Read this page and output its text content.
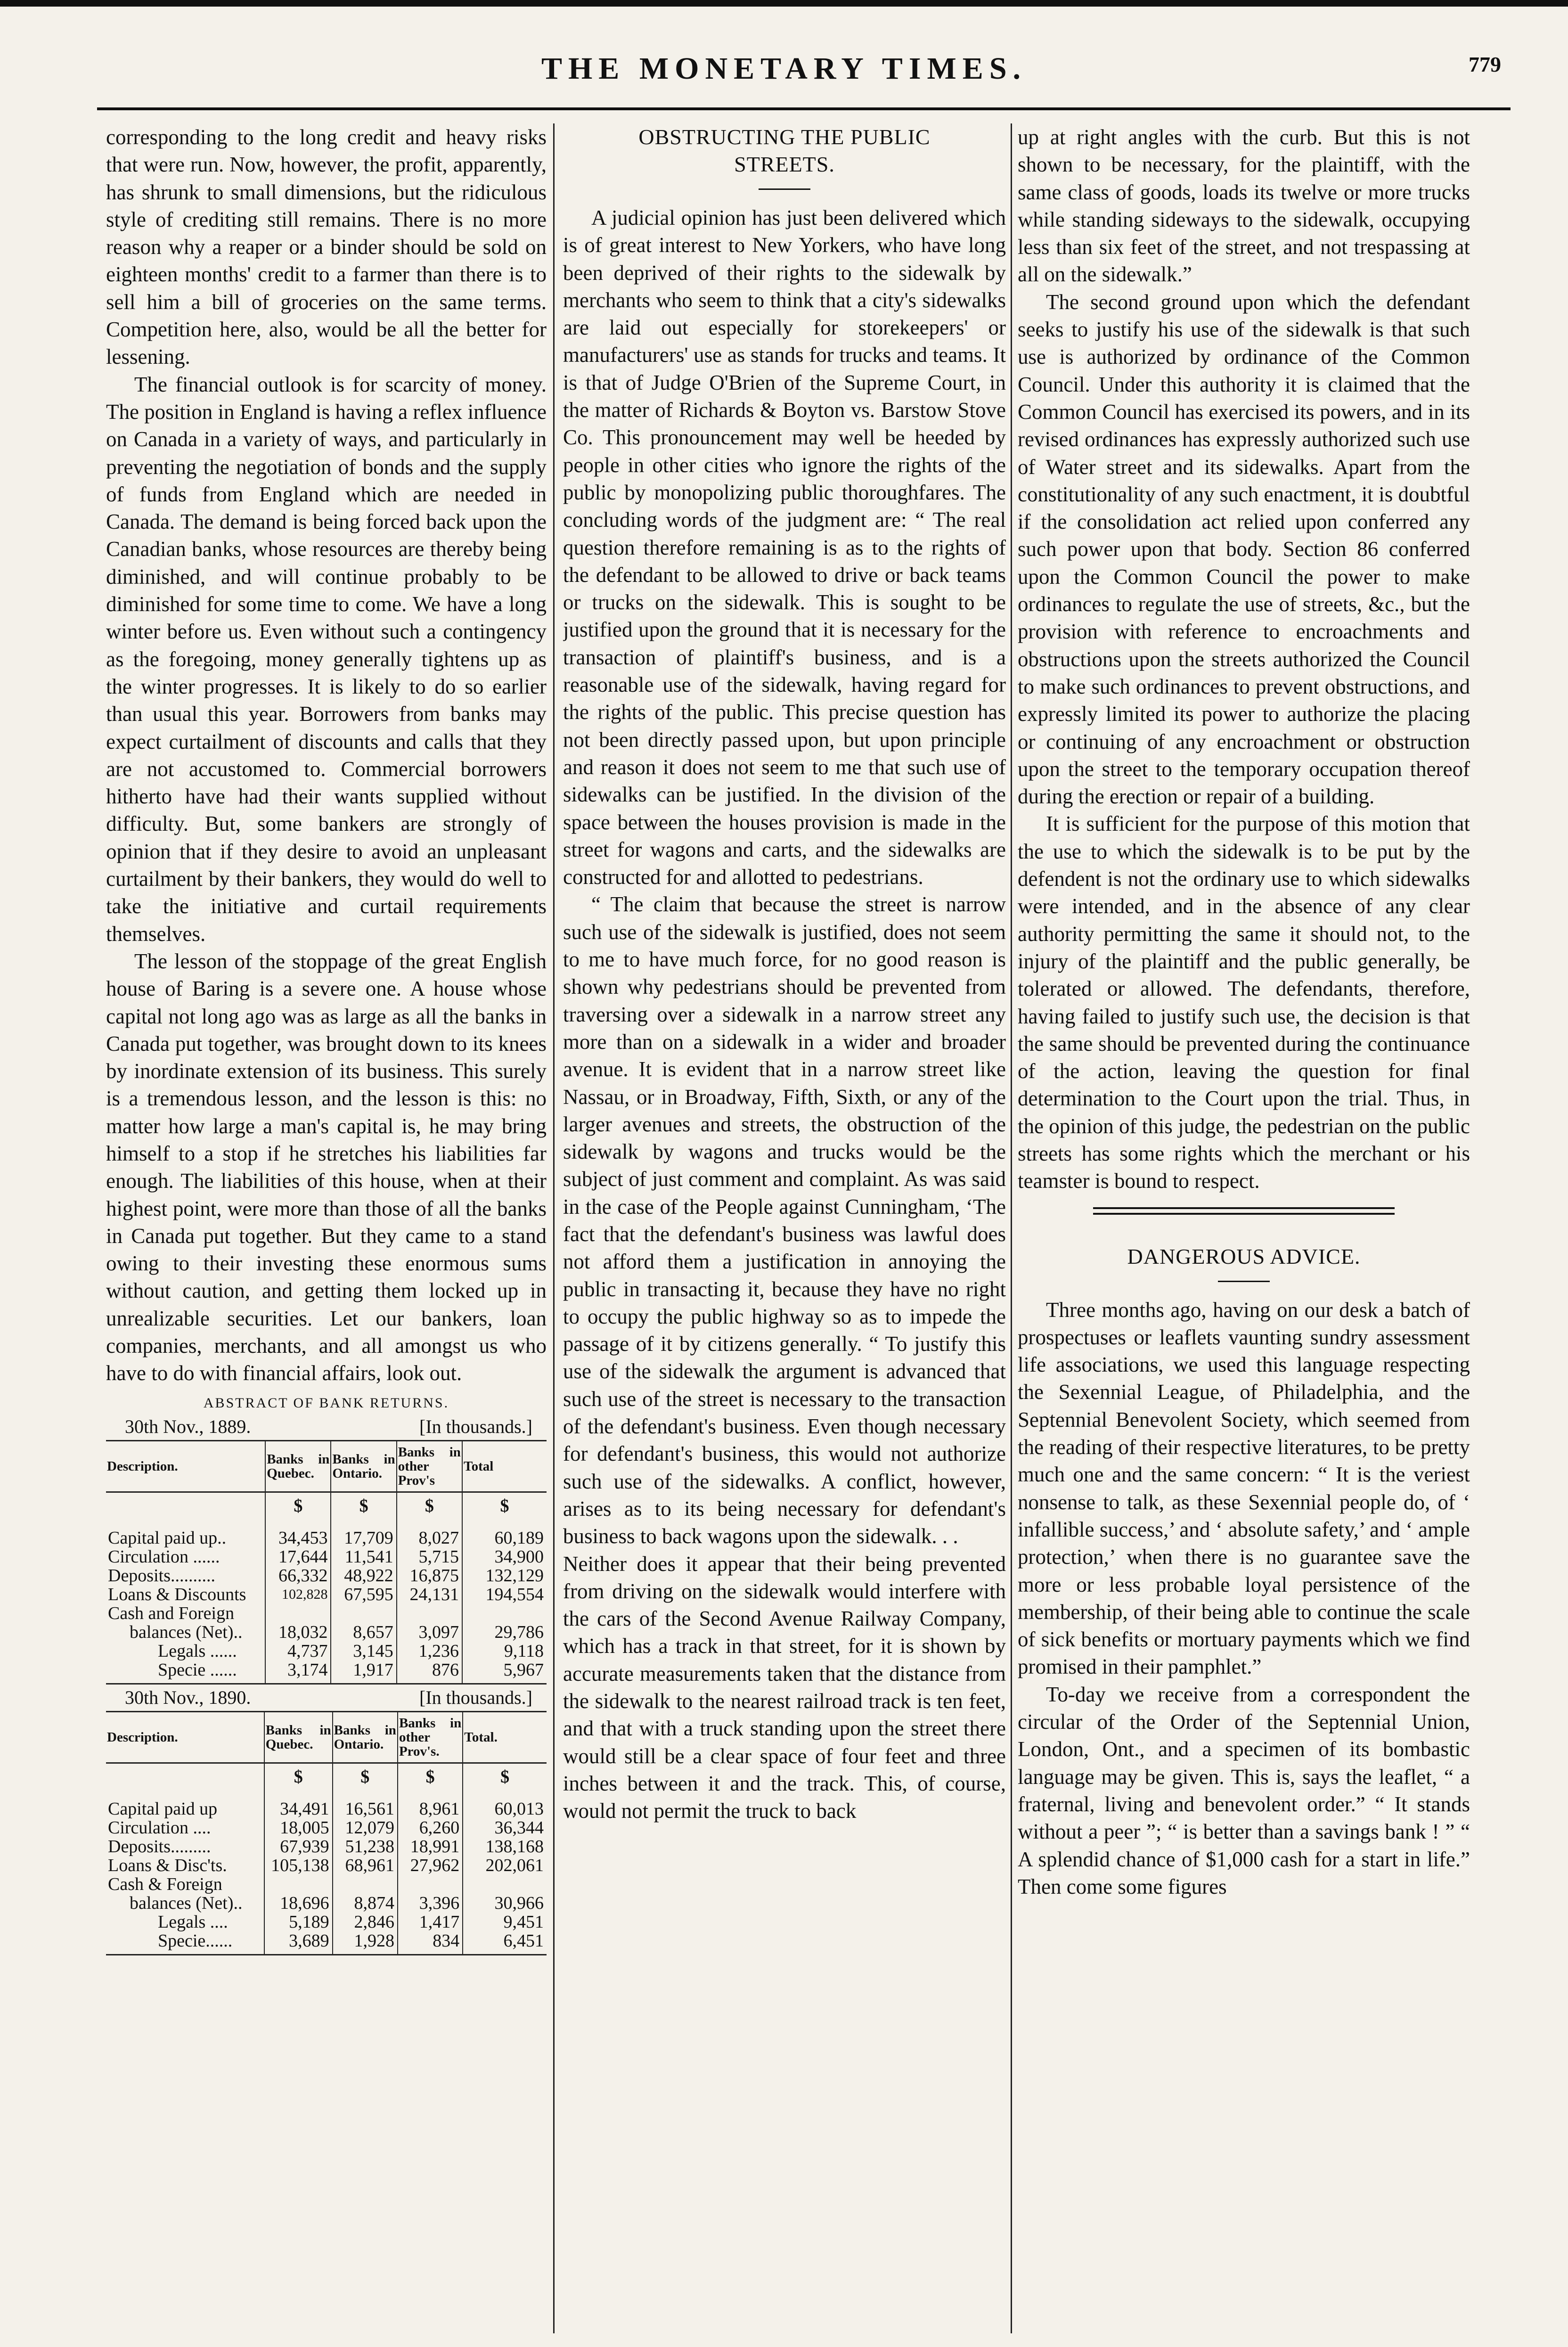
THE MONETARY TIMES.	779

corresponding to the long credit and heavy risks that were run. Now, however, the profit, apparently, has shrunk to small dimensions, but the ridiculous style of crediting still remains. There is no more reason why a reaper or a binder should be sold on eighteen months' credit to a farmer than there is to sell him a bill of groceries on the same terms. Competition here, also, would be all the better for lessening.

The financial outlook is for scarcity of money. The position in England is having a reflex influence on Canada in a variety of ways, and particularly in preventing the negotiation of bonds and the supply of funds from England which are needed in Canada. The demand is being forced back upon the Canadian banks, whose resources are thereby being diminished, and will continue probably to be diminished for some time to come. We have a long winter before us. Even without such a contingency as the foregoing, money generally tightens up as the winter progresses. It is likely to do so earlier than usual this year. Borrowers from banks may expect curtailment of discounts and calls that they are not accustomed to. Commercial borrowers hitherto have had their wants supplied without difficulty. But, some bankers are strongly of opinion that if they desire to avoid an unpleasant curtailment by their bankers, they would do well to take the initiative and curtail requirements themselves.

The lesson of the stoppage of the great English house of Baring is a severe one. A house whose capital not long ago was as large as all the banks in Canada put together, was brought down to its knees by inordinate extension of its business. This surely is a tremendous lesson, and the lesson is this: no matter how large a man's capital is, he may bring himself to a stop if he stretches his liabilities far enough. The liabilities of this house, when at their highest point, were more than those of all the banks in Canada put together. But they came to a stand owing to their investing these enormous sums without caution, and getting them locked up in unrealizable securities. Let our bankers, loan companies, merchants, and all amongst us who have to do with financial affairs, look out.

ABSTRACT OF BANK RETURNS.
30th Nov., 1889.	[In thousands.]
Description.	Banks in Quebec.	Banks in Ontario.	Banks in other Prov's	Total
	$	$	$	$
Capital paid up..	34,453	17,709	8,027	60,189
Circulation ......	17,644	11,541	5,715	34,900
Deposits..........	66,332	48,922	16,875	132,129
Loans & Discounts	102,828	67,595	24,131	194,554
Cash and Foreign				
balances (Net)..	18,032	8,657	3,097	29,786
Legals ......	4,737	3,145	1,236	9,118
Specie ......	3,174	1,917	876	5,967
30th Nov., 1890.	[In thousands.]
Description.	Banks in Quebec.	Banks in Ontario.	Banks in other Prov's.	Total.
	$	$	$	$
Capital paid up	34,491	16,561	8,961	60,013
Circulation ....	18,005	12,079	6,260	36,344
Deposits.........	67,939	51,238	18,991	138,168
Loans & Disc'ts.	105,138	68,961	27,962	202,061
Cash & Foreign				
balances (Net)..	18,696	8,874	3,396	30,966
Legals ....	5,189	2,846	1,417	9,451
Specie......	3,689	1,928	834	6,451
OBSTRUCTING THE PUBLIC
STREETS.

A judicial opinion has just been delivered which is of great interest to New Yorkers, who have long been deprived of their rights to the sidewalk by merchants who seem to think that a city's sidewalks are laid out especially for storekeepers' or manufacturers' use as stands for trucks and teams. It is that of Judge O'Brien of the Supreme Court, in the matter of Richards & Boyton vs. Barstow Stove Co. This pronouncement may well be heeded by people in other cities who ignore the rights of the public by monopolizing public thoroughfares. The concluding words of the judgment are: “ The real question therefore remaining is as to the rights of the defendant to be allowed to drive or back teams or trucks on the sidewalk. This is sought to be justified upon the ground that it is necessary for the transaction of plaintiff's business, and is a reasonable use of the sidewalk, having regard for the rights of the public. This precise question has not been directly passed upon, but upon principle and reason it does not seem to me that such use of sidewalks can be justified. In the division of the space between the houses provision is made in the street for wagons and carts, and the sidewalks are constructed for and allotted to pedestrians.

“ The claim that because the street is narrow such use of the sidewalk is justified, does not seem to me to have much force, for no good reason is shown why pedestrians should be prevented from traversing over a sidewalk in a narrow street any more than on a sidewalk in a wider and broader avenue. It is evident that in a narrow street like Nassau, or in Broadway, Fifth, Sixth, or any of the larger avenues and streets, the obstruction of the sidewalk by wagons and trucks would be the subject of just comment and complaint. As was said in the case of the People against Cunningham, ‘The fact that the defendant's business was lawful does not afford them a justification in annoying the public in transacting it, because they have no right to occupy the public highway so as to impede the passage of it by citizens generally. “ To justify this use of the sidewalk the argument is advanced that such use of the street is necessary to the transaction of the defendant's business. Even though necessary for defendant's business, this would not authorize such use of the sidewalks. A conflict, however, arises as to its being necessary for defendant's business to back wagons upon the sidewalk. . .

Neither does it appear that their being prevented from driving on the sidewalk would interfere with the cars of the Second Avenue Railway Company, which has a track in that street, for it is shown by accurate measurements taken that the distance from the sidewalk to the nearest railroad track is ten feet, and that with a truck standing upon the street there would still be a clear space of four feet and three inches between it and the track. This, of course, would not permit the truck to back

up at right angles with the curb. But this is not shown to be necessary, for the plaintiff, with the same class of goods, loads its twelve or more trucks while standing sideways to the sidewalk, occupying less than six feet of the street, and not trespassing at all on the sidewalk.”

The second ground upon which the defendant seeks to justify his use of the sidewalk is that such use is authorized by ordinance of the Common Council. Under this authority it is claimed that the Common Council has exercised its powers, and in its revised ordinances has expressly authorized such use of Water street and its sidewalks. Apart from the constitutionality of any such enactment, it is doubtful if the consolidation act relied upon conferred any such power upon that body. Section 86 conferred upon the Common Council the power to make ordinances to regulate the use of streets, &c., but the provision with reference to encroachments and obstructions upon the streets authorized the Council to make such ordinances to prevent obstructions, and expressly limited its power to authorize the placing or continuing of any encroachment or obstruction upon the street to the temporary occupation thereof during the erection or repair of a building.

It is sufficient for the purpose of this motion that the use to which the sidewalk is to be put by the defendent is not the ordinary use to which sidewalks were intended, and in the absence of any clear authority permitting the same it should not, to the injury of the plaintiff and the public generally, be tolerated or allowed. The defendants, therefore, having failed to justify such use, the decision is that the same should be prevented during the continuance of the action, leaving the question for final determination to the Court upon the trial. Thus, in the opinion of this judge, the pedestrian on the public streets has some rights which the merchant or his teamster is bound to respect.

DANGEROUS ADVICE.

Three months ago, having on our desk a batch of prospectuses or leaflets vaunting sundry assessment life associations, we used this language respecting the Sexennial League, of Philadelphia, and the Septennial Benevolent Society, which seemed from the reading of their respective literatures, to be pretty much one and the same concern: “ It is the veriest nonsense to talk, as these Sexennial people do, of ‘ infallible success,’ and ‘ absolute safety,’ and ‘ ample protection,’ when there is no guarantee save the more or less probable loyal persistence of the membership, of their being able to continue the scale of sick benefits or mortuary payments which we find promised in their pamphlet.”

To-day we receive from a correspondent the circular of the Order of the Septennial Union, London, Ont., and a specimen of its bombastic language may be given. This is, says the leaflet, “ a fraternal, living and benevolent order.” “ It stands without a peer ”; “ is better than a savings bank ! ” “ A splendid chance of $1,000 cash for a start in life.” Then come some figures
